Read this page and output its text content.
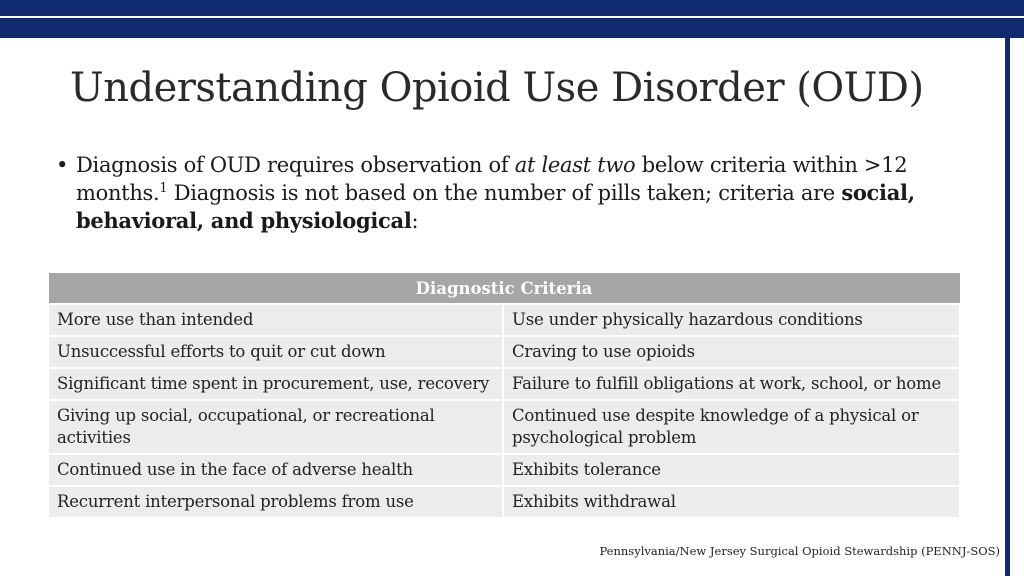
Understanding Opioid Use Disorder (OUD)
• Diagnosis of OUD requires observation of at least two below criteria within >12 months.$^1$ Diagnosis is not based on the number of pills taken; criteria are social, behavioral, and physiological:
Diagnostic Criteria	
More use than intended	Use under physically hazardous conditions
Unsuccessful efforts to quit or cut down	Craving to use opioids
Significant time spent in procurement, use, recovery	Failure to fulfill obligations at work, school, or home
Giving up social, occupational, or recreational activities	Continued use despite knowledge of a physical or psychological problem
Continued use in the face of adverse health	Exhibits tolerance
Recurrent interpersonal problems from use	Exhibits withdrawal
Pennsylvania/New Jersey Surgical Opioid Stewardship (PENNJ-SOS)
